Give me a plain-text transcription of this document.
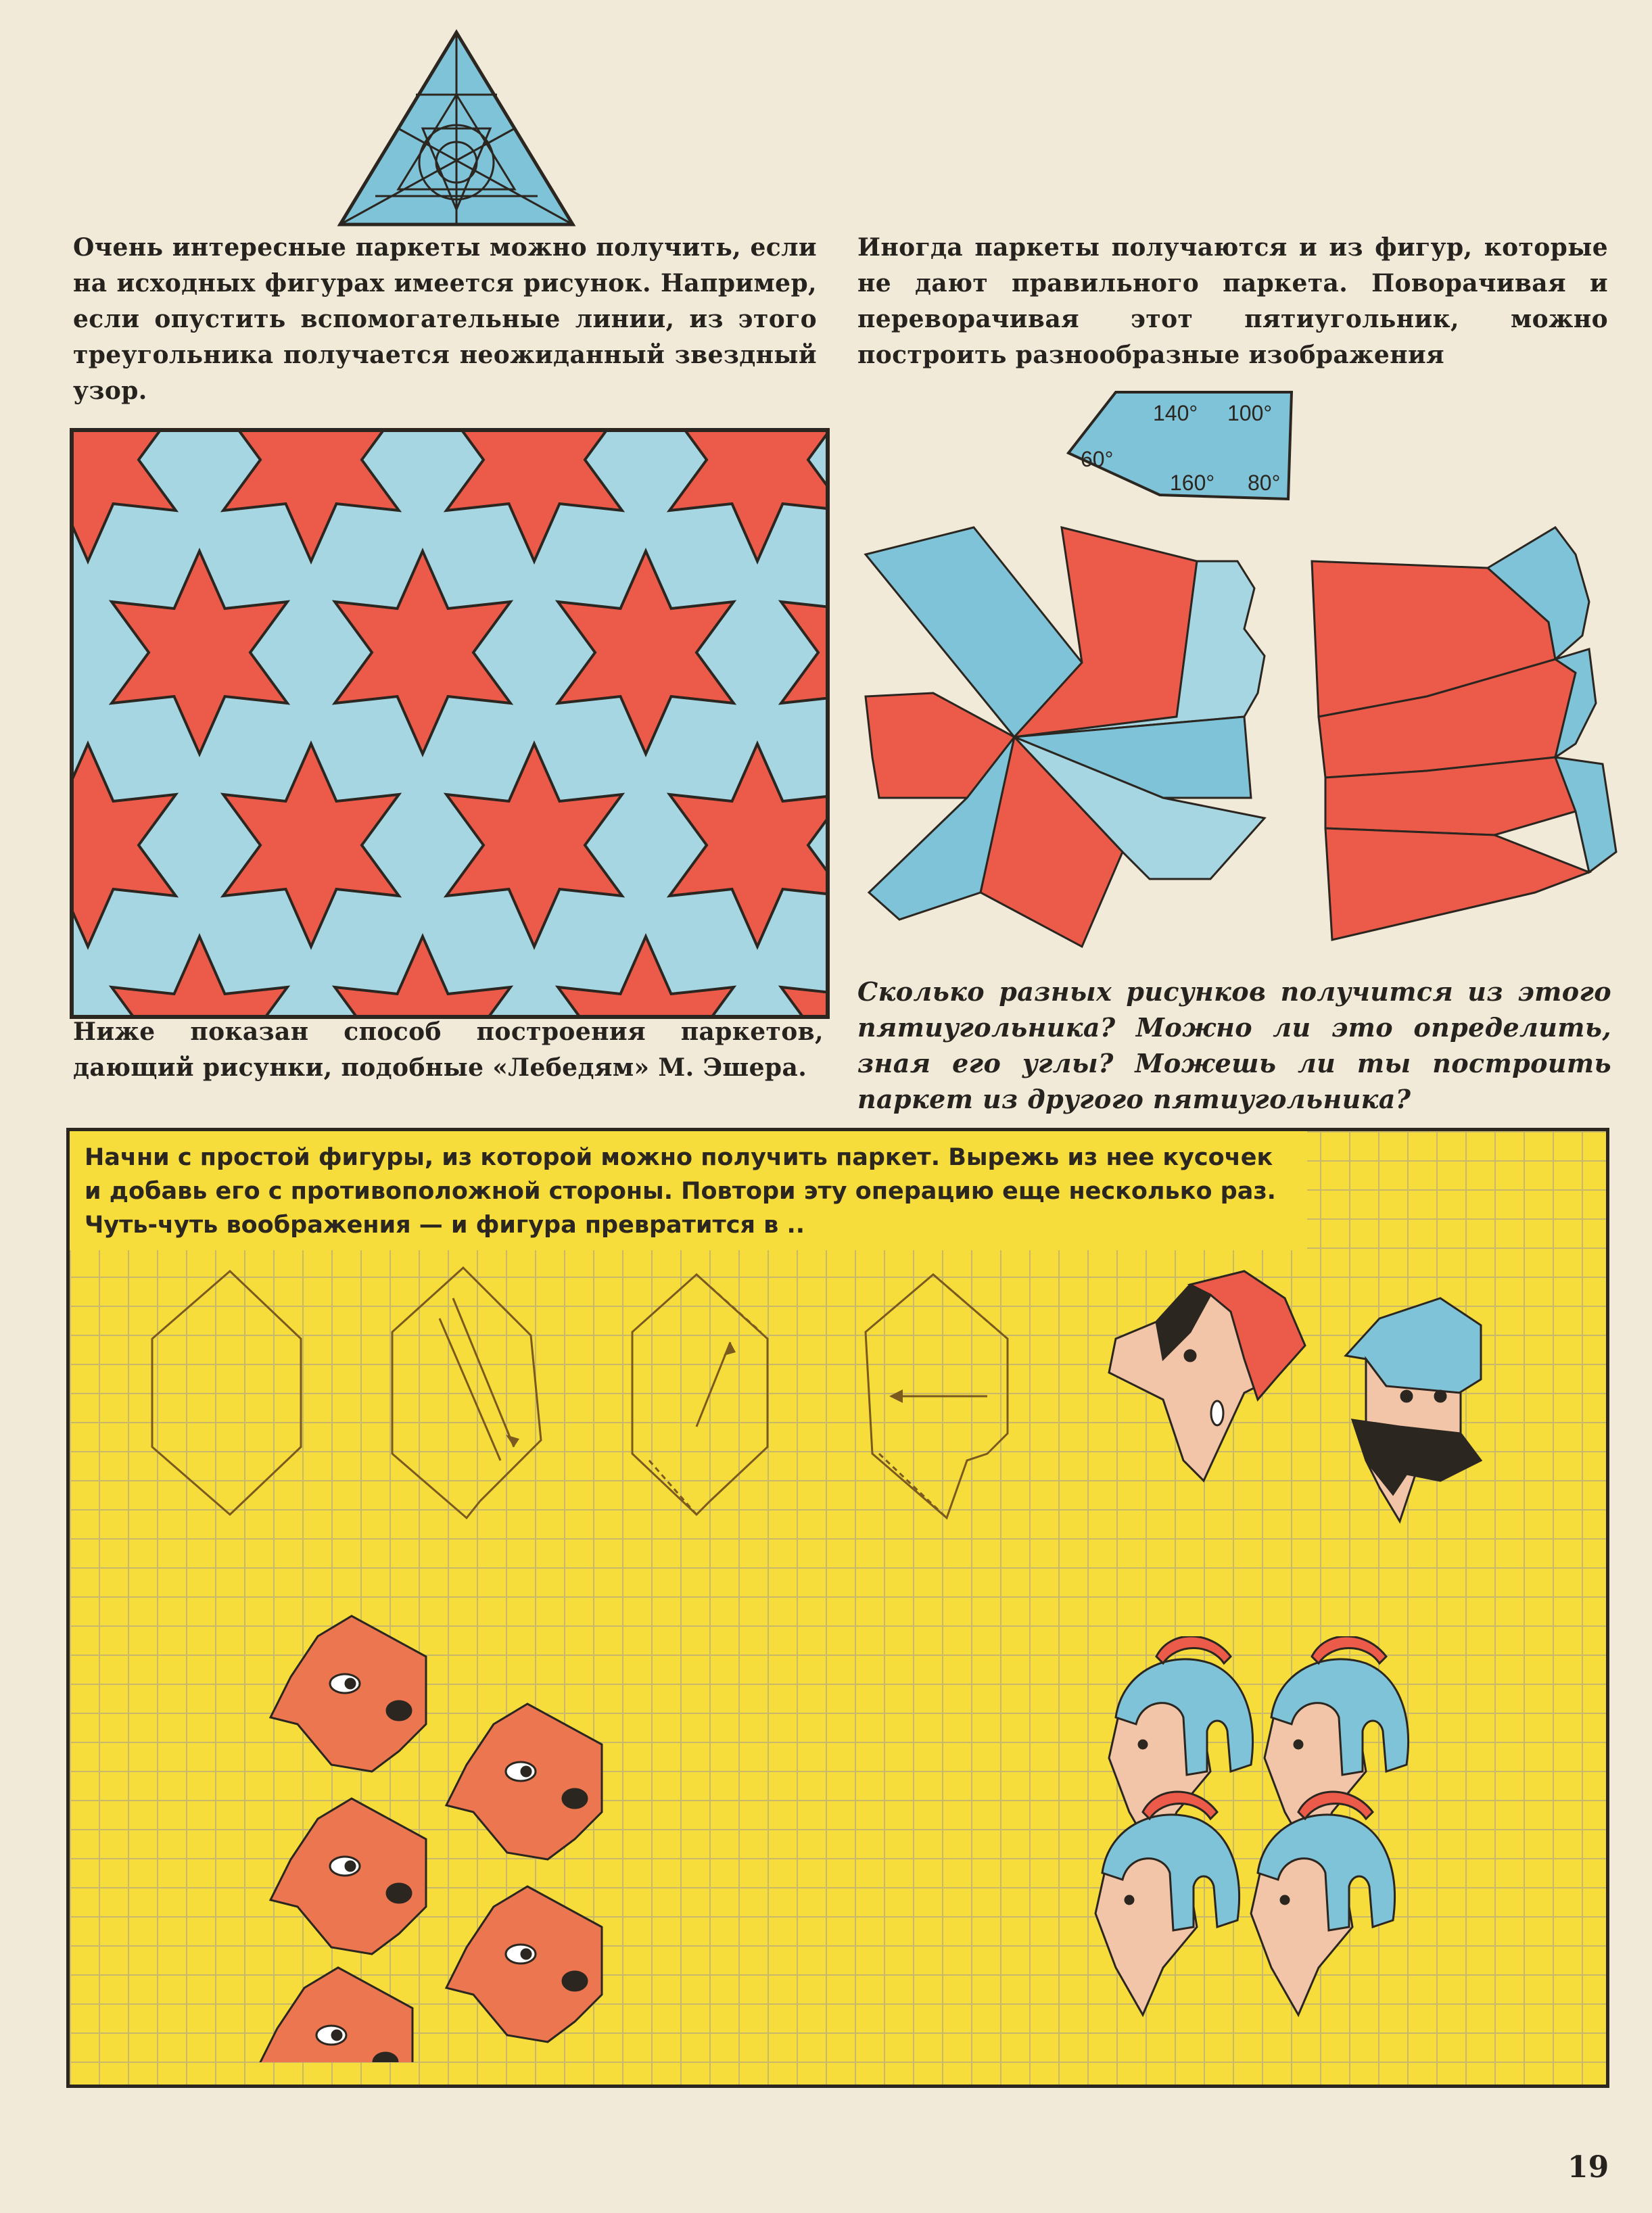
Очень интересные паркеты можно получить, если на исходных фигурах имеется рисунок. Например, если опустить вспомогательные линии, из этого треугольника получается неожиданный звездный узор.
Иногда паркеты получаются и из фигур, которые не дают правильного паркета. Поворачивая и переворачивая этот пятиугольник, можно построить разнообразные изображения
140° 100°
60°
160° 80°
Ниже показан способ построения паркетов, дающий рисунки, подобные «Лебедям» М. Эшера.
Сколько разных рисунков получится из этого пятиугольника? Можно ли это определить, зная его углы? Можешь ли ты построить паркет из другого пятиугольника?
Начни с простой фигуры, из которой можно получить паркет. Вырежь из нее кусочек и добавь его с противоположной стороны. Повтори эту операцию еще несколько раз. Чуть-чуть воображения — и фигура превратится в ..
19
